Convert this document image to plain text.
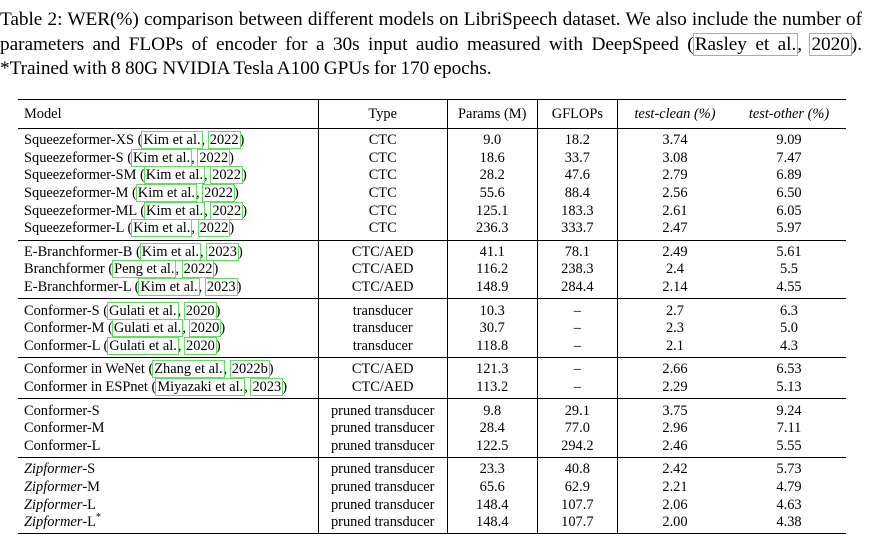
Table 2: WER(%) comparison between different models on LibriSpeech dataset. We also include the number of parameters and FLOPs of encoder for a 30s input audio measured with DeepSpeed (Rasley et al., 2020). *Trained with 8 80G NVIDIA Tesla A100 GPUs for 170 epochs.
Model	Type	Params (M)	GFLOPs	test-clean (%)	test-other (%)
Squeezeformer-XS (Kim et al., 2022)	CTC	9.0	18.2	3.74	9.09
Squeezeformer-S (Kim et al., 2022)	CTC	18.6	33.7	3.08	7.47
Squeezeformer-SM (Kim et al., 2022)	CTC	28.2	47.6	2.79	6.89
Squeezeformer-M (Kim et al., 2022)	CTC	55.6	88.4	2.56	6.50
Squeezeformer-ML (Kim et al., 2022)	CTC	125.1	183.3	2.61	6.05
Squeezeformer-L (Kim et al., 2022)	CTC	236.3	333.7	2.47	5.97
E-Branchformer-B (Kim et al., 2023)	CTC/AED	41.1	78.1	2.49	5.61
Branchformer (Peng et al., 2022)	CTC/AED	116.2	238.3	2.4	5.5
E-Branchformer-L (Kim et al., 2023)	CTC/AED	148.9	284.4	2.14	4.55
Conformer-S (Gulati et al., 2020)	transducer	10.3	–	2.7	6.3
Conformer-M (Gulati et al., 2020)	transducer	30.7	–	2.3	5.0
Conformer-L (Gulati et al., 2020)	transducer	118.8	–	2.1	4.3
Conformer in WeNet (Zhang et al., 2022b)	CTC/AED	121.3	–	2.66	6.53
Conformer in ESPnet (Miyazaki et al., 2023)	CTC/AED	113.2	–	2.29	5.13
Conformer-S	pruned transducer	9.8	29.1	3.75	9.24
Conformer-M	pruned transducer	28.4	77.0	2.96	7.11
Conformer-L	pruned transducer	122.5	294.2	2.46	5.55
Zipformer-S	pruned transducer	23.3	40.8	2.42	5.73
Zipformer-M	pruned transducer	65.6	62.9	2.21	4.79
Zipformer-L	pruned transducer	148.4	107.7	2.06	4.63
Zipformer-L*	pruned transducer	148.4	107.7	2.00	4.38
